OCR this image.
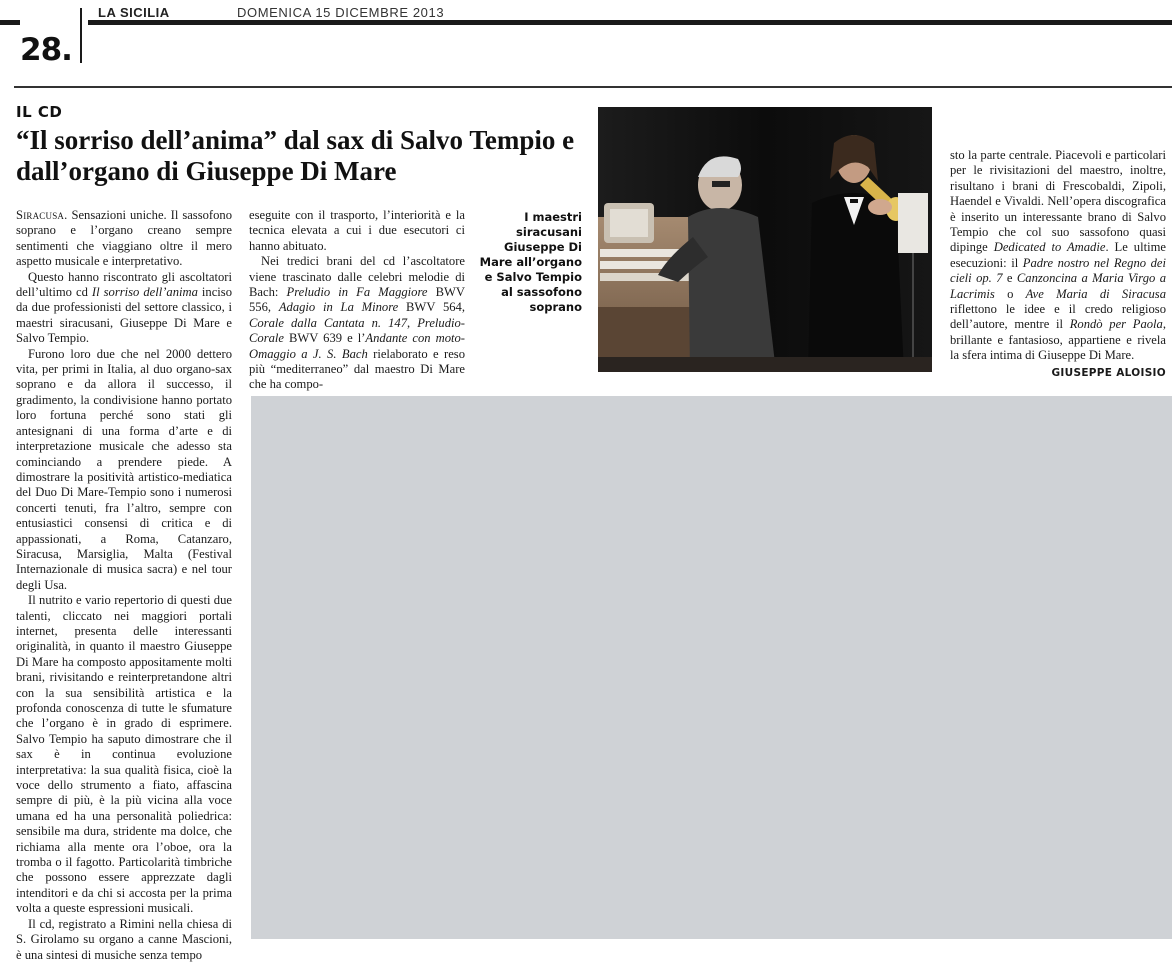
LA SICILIA	DOMENICA 15 DICEMBRE 2013
28.
IL CD
“Il sorriso dell’anima” dal sax di Salvo Tempio e dall’organo di Giuseppe Di Mare

Siracusa. Sensazioni uniche. Il sassofono soprano e l’organo creano sempre sentimenti che viaggiano oltre il mero aspetto musicale e interpretativo.

Questo hanno riscontrato gli ascoltatori dell’ultimo cd Il sorriso dell’anima inciso da due professionisti del settore classico, i maestri siracusani, Giuseppe Di Mare e Salvo Tempio.

Furono loro due che nel 2000 dettero vita, per primi in Italia, al duo organo-sax soprano e da allora il successo, il gradimento, la condivisione hanno portato loro fortuna perché sono stati gli antesignani di una forma d’arte e di interpretazione musicale che adesso sta cominciando a prendere piede. A dimostrare la positività artistico-mediatica del Duo Di Mare-Tempio sono i numerosi concerti tenuti, fra l’altro, sempre con entusiastici consensi di critica e di appassionati, a Roma, Catanzaro, Siracusa, Marsiglia, Malta (Festival Internazionale di musica sacra) e nel tour degli Usa.

Il nutrito e vario repertorio di questi due talenti, cliccato nei maggiori portali internet, presenta delle interessanti originalità, in quanto il maestro Giuseppe Di Mare ha composto appositamente molti brani, rivisitando e reinterpretandone altri con la sua sensibilità artistica e la profonda conoscenza di tutte le sfumature che l’organo è in grado di esprimere. Salvo Tempio ha saputo dimostrare che il sax è in continua evoluzione interpretativa: la sua qualità fisica, cioè la voce dello strumento a fiato, affascina sempre di più, è la più vicina alla voce umana ed ha una personalità poliedrica: sensibile ma dura, stridente ma dolce, che richiama alla mente ora l’oboe, ora la tromba o il fagotto. Particolarità timbriche che possono essere apprezzate dagli intenditori e da chi si accosta per la prima volta a queste espressioni musicali.

Il cd, registrato a Rimini nella chiesa di S. Girolamo su organo a canne Mascioni, è una sintesi di musiche senza tempo

eseguite con il trasporto, l’interiorità e la tecnica elevata a cui i due esecutori ci hanno abituato.

Nei tredici brani del cd l’ascoltatore viene trascinato dalle celebri melodie di Bach: Preludio in Fa Maggiore BWV 556, Adagio in La Minore BWV 564, Corale dalla Cantata n. 147, Preludio-Corale BWV 639 e l’Andante con moto-Omaggio a J. S. Bach rielaborato e reso più “mediterraneo” dal maestro Di Mare che ha compo-

I maestri siracusani Giuseppe Di Mare all’organo e Salvo Tempio al sassofono soprano

sto la parte centrale. Piacevoli e particolari per le rivisitazioni del maestro, inoltre, risultano i brani di Frescobaldi, Zipoli, Haendel e Vivaldi. Nell’opera discografica è inserito un interessante brano di Salvo Tempio che col suo sassofono quasi dipinge Dedicated to Amadie. Le ultime esecuzioni: il Padre nostro nel Regno dei cieli op. 7 e Canzoncina a Maria Virgo a Lacrimis o Ave Maria di Siracusa riflettono le idee e il credo religioso dell’autore, mentre il Rondò per Paola, brillante e fantasioso, appartiene e rivela la sfera intima di Giuseppe Di Mare.

GIUSEPPE ALOISIO
